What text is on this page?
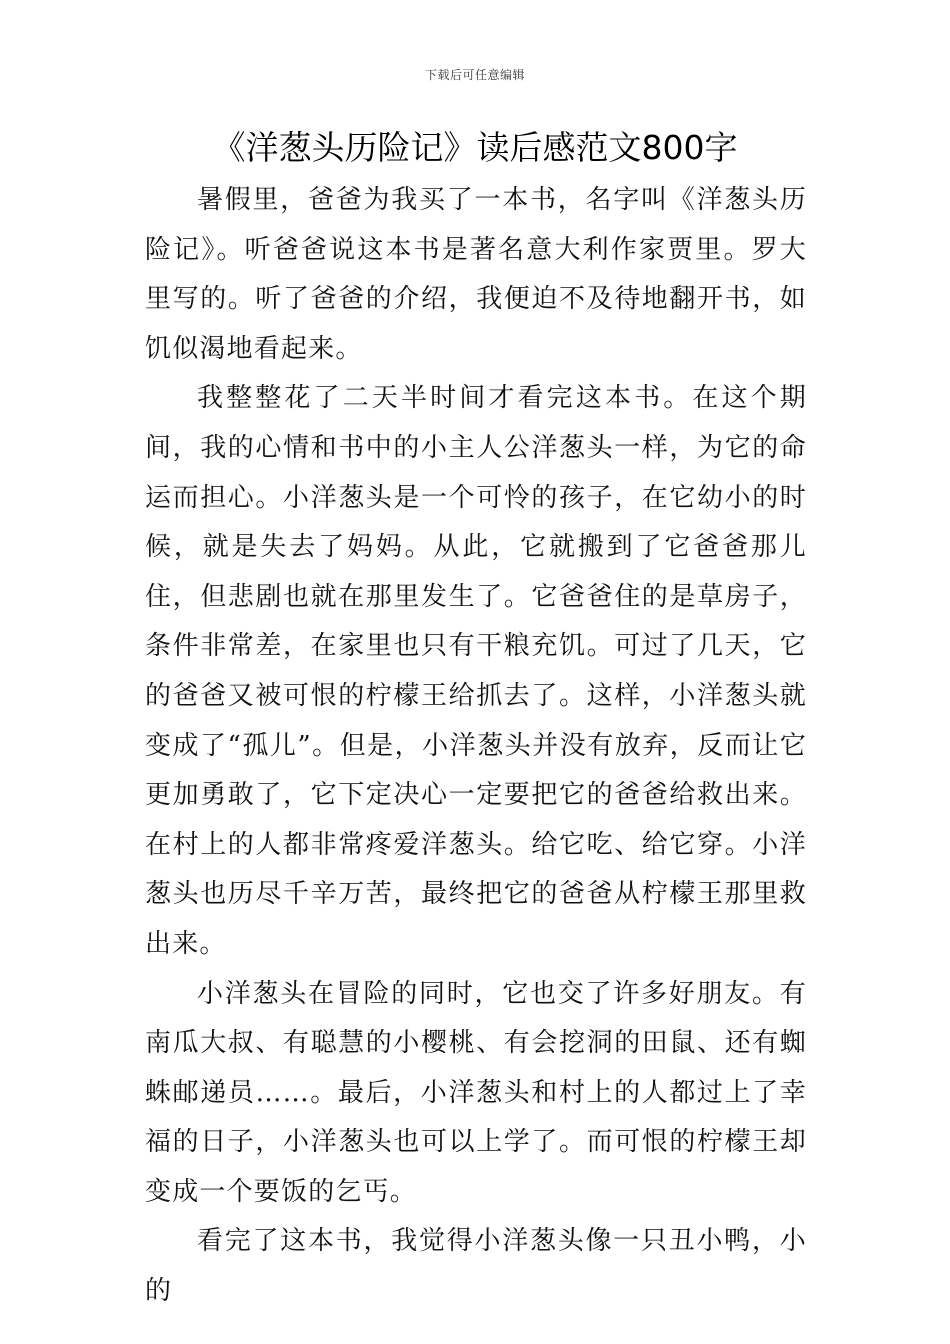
下载后可任意编辑
《洋葱头历险记》读后感范文800字

暑假里，爸爸为我买了一本书，名字叫《洋葱头历险记》。听爸爸说这本书是著名意大利作家贾里。罗大里写的。听了爸爸的介绍，我便迫不及待地翻开书，如饥似渴地看起来。

我整整花了二天半时间才看完这本书。在这个期间，我的心情和书中的小主人公洋葱头一样，为它的命运而担心。小洋葱头是一个可怜的孩子，在它幼小的时候，就是失去了妈妈。从此，它就搬到了它爸爸那儿住，但悲剧也就在那里发生了。它爸爸住的是草房子，条件非常差，在家里也只有干粮充饥。可过了几天，它的爸爸又被可恨的柠檬王给抓去了。这样，小洋葱头就变成了“孤儿”。但是，小洋葱头并没有放弃，反而让它更加勇敢了，它下定决心一定要把它的爸爸给救出来。在村上的人都非常疼爱洋葱头。给它吃、给它穿。小洋葱头也历尽千辛万苦，最终把它的爸爸从柠檬王那里救出来。

小洋葱头在冒险的同时，它也交了许多好朋友。有南瓜大叔、有聪慧的小樱桃、有会挖洞的田鼠、还有蜘蛛邮递员……。最后，小洋葱头和村上的人都过上了幸福的日子，小洋葱头也可以上学了。而可恨的柠檬王却变成一个要饭的乞丐。

看完了这本书，我觉得小洋葱头像一只丑小鸭，小的
